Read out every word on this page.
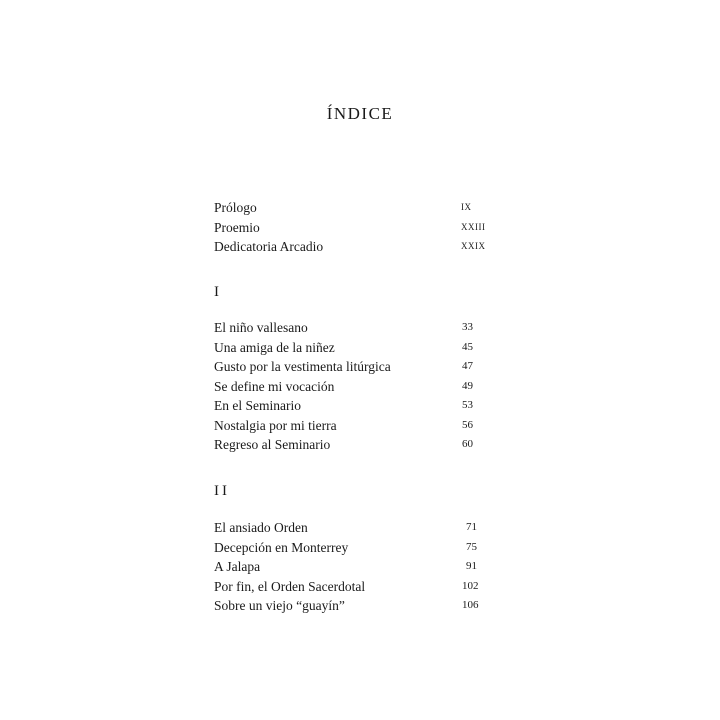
ÍNDICE
Prólogo	IX
Proemio	XXIII
Dedicatoria Arcadio	XXIX
I
El niño vallesano	33
Una amiga de la niñez	45
Gusto por la vestimenta litúrgica	47
Se define mi vocación	49
En el Seminario	53
Nostalgia por mi tierra	56
Regreso al Seminario	60
II
El ansiado Orden	71
Decepción en Monterrey	75
A Jalapa	91
Por fin, el Orden Sacerdotal	102
Sobre un viejo “guayín”	106
